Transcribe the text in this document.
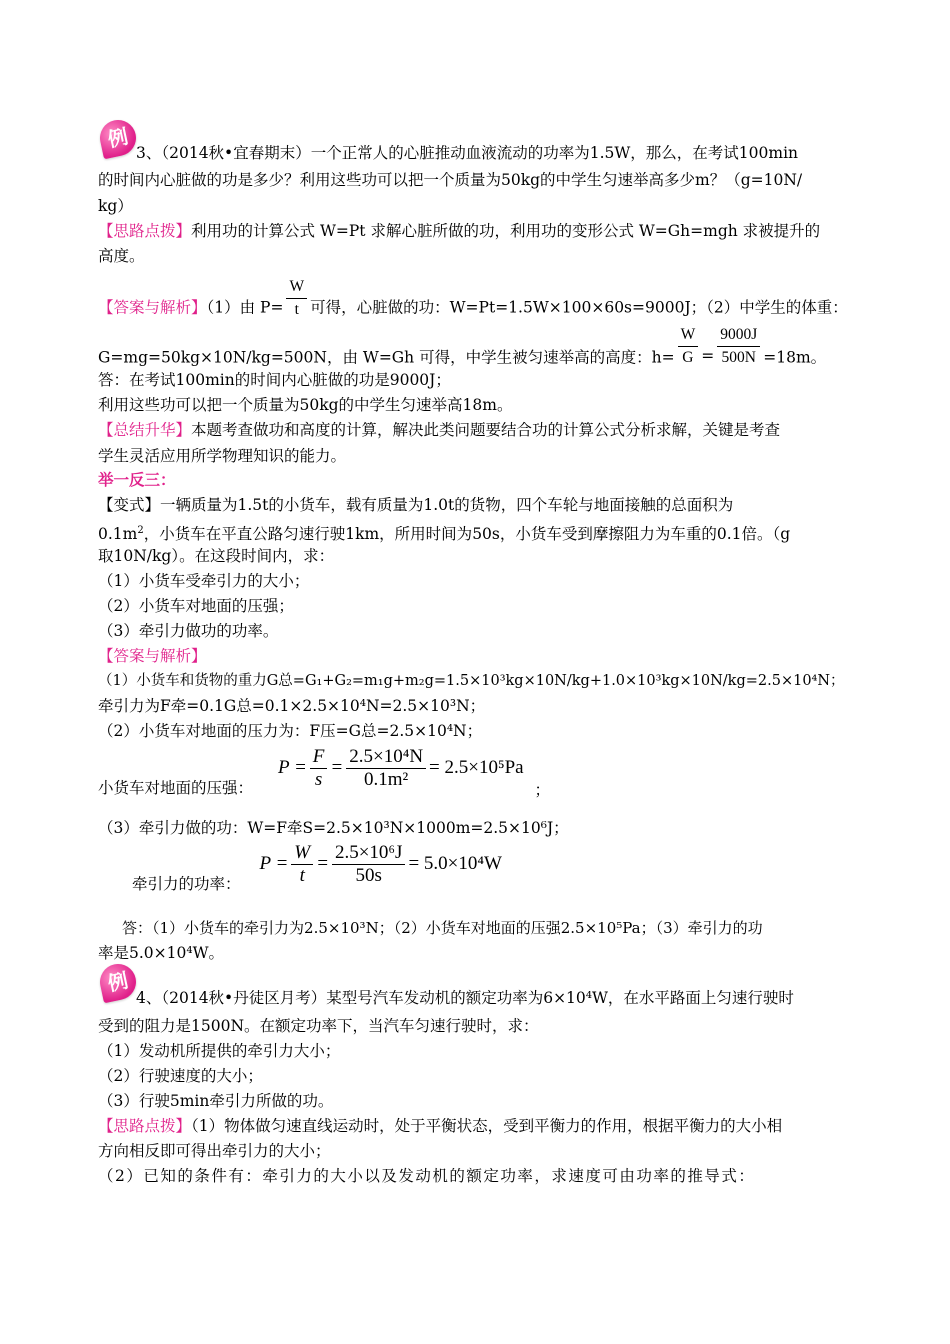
例
3、（2014秋•宜春期末）一个正常人的心脏推动血液流动的功率为1.5W，那么，在考试100min
的时间内心脏做的功是多少？利用这些功可以把一个质量为50kg的中学生匀速举高多少m？（g=10N/
kg）
【思路点拨】利用功的计算公式 W=Pt 求解心脏所做的功，利用功的变形公式 W=Gh=mgh 求被提升的
高度。
【答案与解析】（1）由 $P= \frac{W}{t}$ 可得，心脏做的功：W=Pt=1.5W×100×60s=9000J；（2）中学生的体重：
G=mg=50kg×10N/kg=500N，由 W=Gh 可得，中学生被匀速举高的高度：$h= \frac{W}{G} = \frac{9000J}{500N} =18m$。
答：在考试100min的时间内心脏做的功是9000J；
利用这些功可以把一个质量为50kg的中学生匀速举高18m。
【总结升华】本题考查做功和高度的计算，解决此类问题要结合功的计算公式分析求解，关键是考查
学生灵活应用所学物理知识的能力。
举一反三：
【变式】一辆质量为1.5t的小货车，载有质量为1.0t的货物，四个车轮与地面接触的总面积为
$0.1m^2$，小货车在平直公路匀速行驶1km，所用时间为50s，小货车受到摩擦阻力为车重的0.1倍。（g
取10N/kg）。在这段时间内，求：
（1）小货车受牵引力的大小；
（2）小货车对地面的压强；
（3）牵引力做功的功率。
【答案与解析】
（1）小货车和货物的重力G总=G₁+G₂=m₁g+m₂g=1.5×10³kg×10N/kg+1.0×10³kg×10N/kg=2.5×10⁴N；
牵引力为F牵=0.1G总=0.1×2.5×10⁴N=2.5×10³N；
（2）小货车对地面的压力为：F压=G总=2.5×10⁴N；
小货车对地面的压强：
$P = \frac{F}{s} = \frac{\text{2.5×10⁴N}}{\text{0.1m²}} = 2.5\times 10^5Pa$
；
（3）牵引力做的功：W=F牵S=2.5×10³N×1000m=2.5×10⁶J；
牵引力的功率：
$P = \frac{W}{t} = \frac{\text{2.5×10⁶J}}{50s} = 5.0\times 10^4W$
答：（1）小货车的牵引力为2.5×10³N；（2）小货车对地面的压强2.5×10⁵Pa；（3）牵引力的功
率是5.0×10⁴W。
例
4、（2014秋•丹徒区月考）某型号汽车发动机的额定功率为6×10⁴W，在水平路面上匀速行驶时
受到的阻力是1500N。在额定功率下，当汽车匀速行驶时，求：
（1）发动机所提供的牵引力大小；
（2）行驶速度的大小；
（3）行驶5min牵引力所做的功。
【思路点拨】（1）物体做匀速直线运动时，处于平衡状态，受到平衡力的作用，根据平衡力的大小相
方向相反即可得出牵引力的大小；
（2）已知的条件有：牵引力的大小以及发动机的额定功率，求速度可由功率的推导式：
